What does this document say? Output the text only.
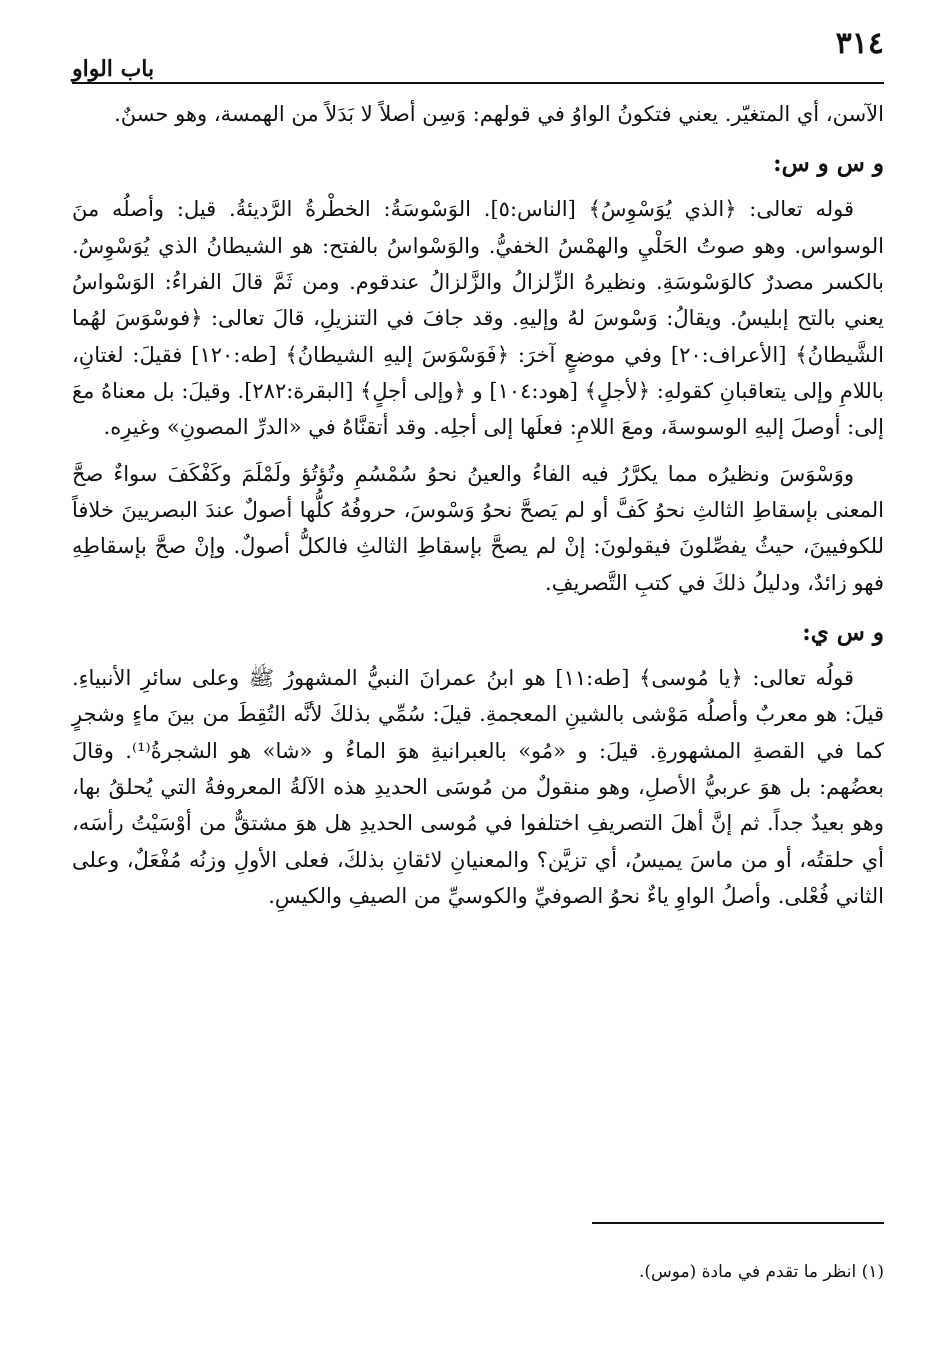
٣١٤
باب الواو

الآسن، أي المتغيّر. يعني فتكونُ الواوُ في قولهم: وَسِن أصلاً لا بَدَلاً من الهمسة، وهو حسنٌ.

و س و س:

قوله تعالى: ﴿الذي يُوَسْوِسُ﴾ [الناس:٥]. الوَسْوسَةُ: الخطْرةُ الرَّديئةُ. قيل: وأصلُه منَ الوسواس. وهو صوتُ الحَلْيِ والهمْسُ الخفيُّ. والوَسْواسُ بالفتح: هو الشيطانُ الذي يُوَسْوِسُ. بالكسر مصدرٌ كالوَسْوسَةِ. ونظيرهُ الزِّلزالُ والزَّلزالُ عندقوم. ومن ثَمَّ قالَ الفراءُ: الوَسْواسُ يعني بالتح إبليسُ. ويقالُ: وَسْوسَ لهُ وإليهِ. وقد جافَ في التنزيلِ، قالَ تعالى: ﴿فوسْوَسَ لهُما الشَّيطانُ﴾ [الأعراف:٢٠] وفي موضعٍ آخرَ: ﴿فَوَسْوَسَ إليهِ الشيطانُ﴾ [طه:١٢٠] فقيلَ: لغتانِ، باللامِ وإلى يتعاقبانِ كقولهِ: ﴿لأجلٍ﴾ [هود:١٠٤] و ﴿وإلى أجلٍ﴾ [البقرة:٢٨٢]. وقيلَ: بل معناهُ معَ إلى: أوصلَ إليهِ الوسوسةَ، ومعَ اللامِ: فعلَها إلى أجلِه. وقد أتقنَّاهُ في «الدرِّ المصونِ» وغيرِه.

ووَسْوَسَ ونظيرُه مما يكرَّرُ فيه الفاءُ والعينُ نحوُ سُمْسُمِ وتُؤتُؤ ولَمْلَمَ وكَفْكَفَ سواءٌ صحَّ المعنى بإسقاطِ الثالثِ نحوُ كَفَّ أو لم يَصحَّ نحوُ وَسْوسَ، حروفُهُ كلُّها أصولٌ عندَ البصريينَ خلافاً للكوفيينَ، حيثُ يفصِّلونَ فيقولونَ: إنْ لم يصحَّ بإسقاطِ الثالثِ فالكلُّ أصولٌ. وإنْ صحَّ بإسقاطِهِ فهو زائدٌ، ودليلُ ذلكَ في كتبِ التَّصريفِ.

و س ي:

قولُه تعالى: ﴿يا مُوسى﴾ [طه:١١] هو ابنُ عمرانَ النبيُّ المشهورُ ﷺ وعلى سائرِ الأنبياءِ. قيلَ: هو معربٌ وأصلُه مَوْشى بالشينِ المعجمةِ. قيلَ: سُمِّي بذلكَ لأنَّه التُقِطَ من بينَ ماءٍ وشجرٍ كما في القصةِ المشهورةِ. قيلَ: و «مُو» بالعبرانيةِ هوَ الماءُ و «شا» هو الشجرةُ⁽¹⁾. وقالَ بعضُهم: بل هوَ عربيُّ الأصلِ، وهو منقولٌ من مُوسَى الحديدِ هذه الآلةُ المعروفةُ التي يُحلقُ بها، وهو بعيدٌ جداً. ثم إنَّ أهلَ التصريفِ اختلفوا في مُوسى الحديدِ هل هوَ مشتقٌّ من أوْسَيْتُ رأسَه، أي حلقتُه، أو من ماسَ يميسُ، أي تزيَّن؟ والمعنيانِ لائقانِ بذلكَ، فعلى الأولِ وزنُه مُفْعَلٌ، وعلى الثاني فُعْلى. وأصلُ الواوِ ياءٌ نحوُ الصوفيِّ والكوسيِّ من الصيفِ والكيسِ.

(١) انظر ما تقدم في مادة (موس).
